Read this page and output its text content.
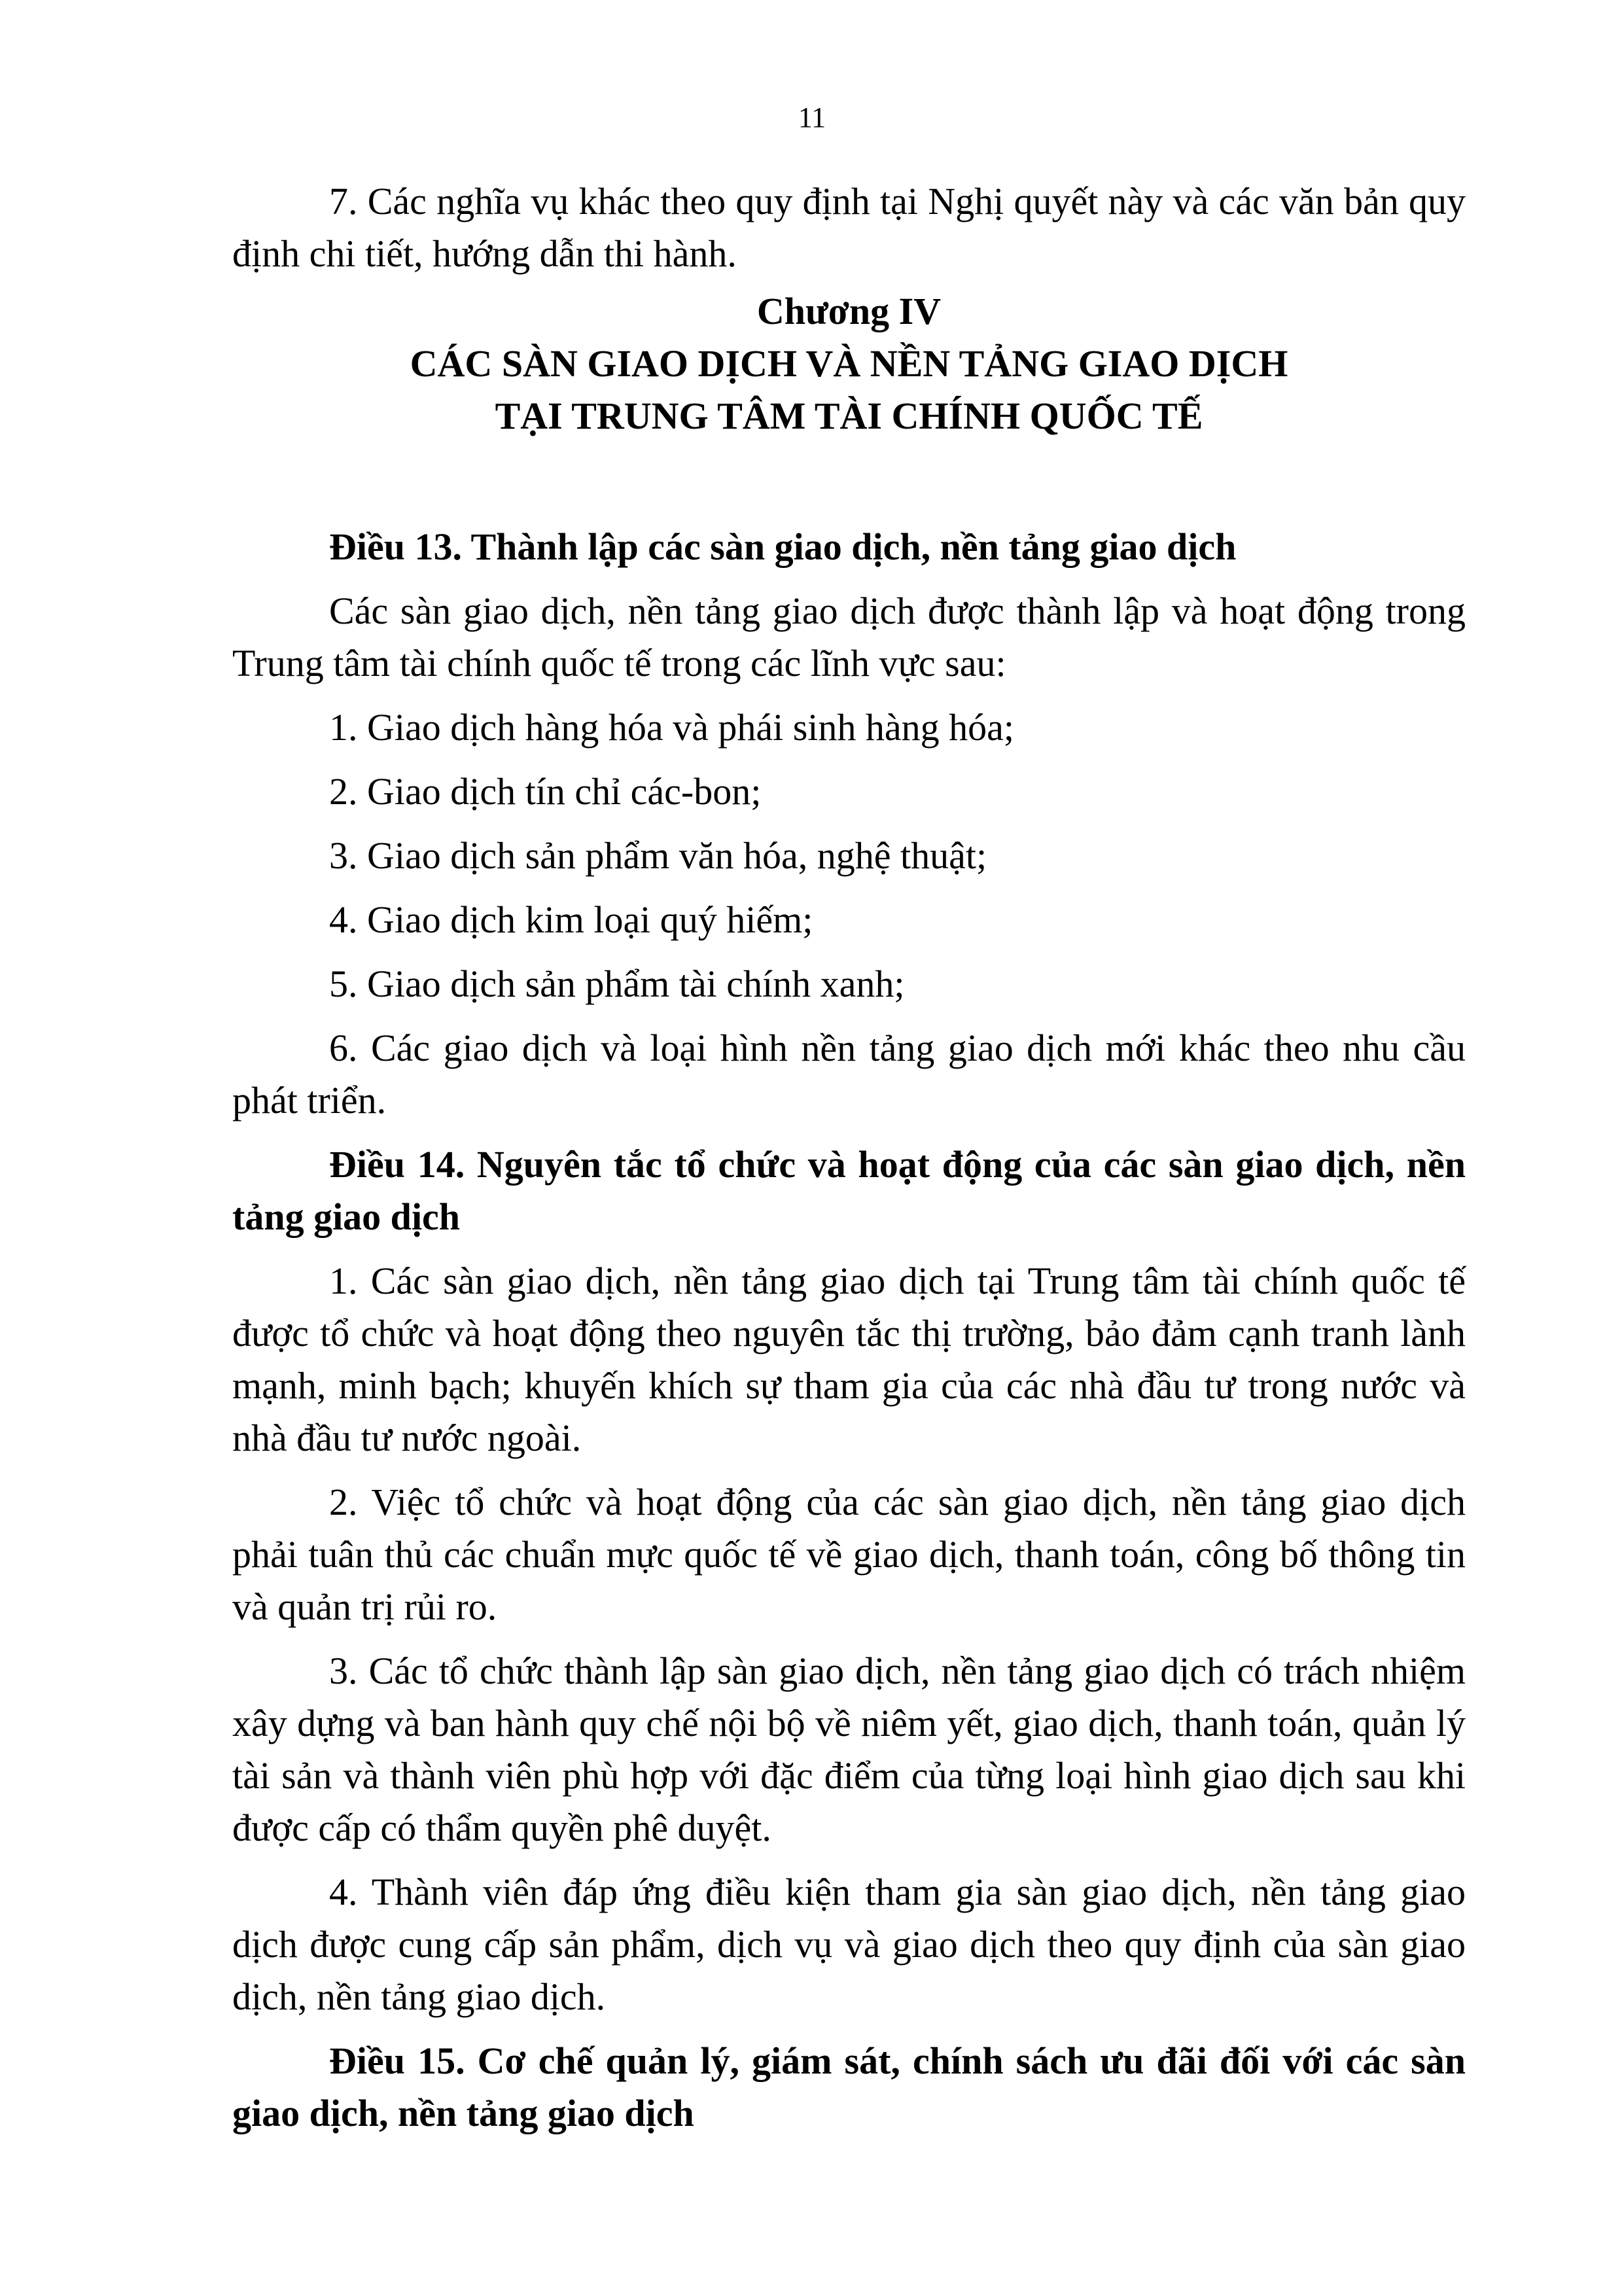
11

7. Các nghĩa vụ khác theo quy định tại Nghị quyết này và các văn bản quy định chi tiết, hướng dẫn thi hành.

Chương IV
CÁC SÀN GIAO DỊCH VÀ NỀN TẢNG GIAO DỊCH
TẠI TRUNG TÂM TÀI CHÍNH QUỐC TẾ

Điều 13. Thành lập các sàn giao dịch, nền tảng giao dịch

Các sàn giao dịch, nền tảng giao dịch được thành lập và hoạt động trong Trung tâm tài chính quốc tế trong các lĩnh vực sau:

1. Giao dịch hàng hóa và phái sinh hàng hóa;

2. Giao dịch tín chỉ các-bon;

3. Giao dịch sản phẩm văn hóa, nghệ thuật;

4. Giao dịch kim loại quý hiếm;

5. Giao dịch sản phẩm tài chính xanh;

6. Các giao dịch và loại hình nền tảng giao dịch mới khác theo nhu cầu phát triển.

Điều 14. Nguyên tắc tổ chức và hoạt động của các sàn giao dịch, nền tảng giao dịch

1. Các sàn giao dịch, nền tảng giao dịch tại Trung tâm tài chính quốc tế được tổ chức và hoạt động theo nguyên tắc thị trường, bảo đảm cạnh tranh lành mạnh, minh bạch; khuyến khích sự tham gia của các nhà đầu tư trong nước và nhà đầu tư nước ngoài.

2. Việc tổ chức và hoạt động của các sàn giao dịch, nền tảng giao dịch phải tuân thủ các chuẩn mực quốc tế về giao dịch, thanh toán, công bố thông tin và quản trị rủi ro.

3. Các tổ chức thành lập sàn giao dịch, nền tảng giao dịch có trách nhiệm xây dựng và ban hành quy chế nội bộ về niêm yết, giao dịch, thanh toán, quản lý tài sản và thành viên phù hợp với đặc điểm của từng loại hình giao dịch sau khi được cấp có thẩm quyền phê duyệt.

4. Thành viên đáp ứng điều kiện tham gia sàn giao dịch, nền tảng giao dịch được cung cấp sản phẩm, dịch vụ và giao dịch theo quy định của sàn giao dịch, nền tảng giao dịch.

Điều 15. Cơ chế quản lý, giám sát, chính sách ưu đãi đối với các sàn giao dịch, nền tảng giao dịch
